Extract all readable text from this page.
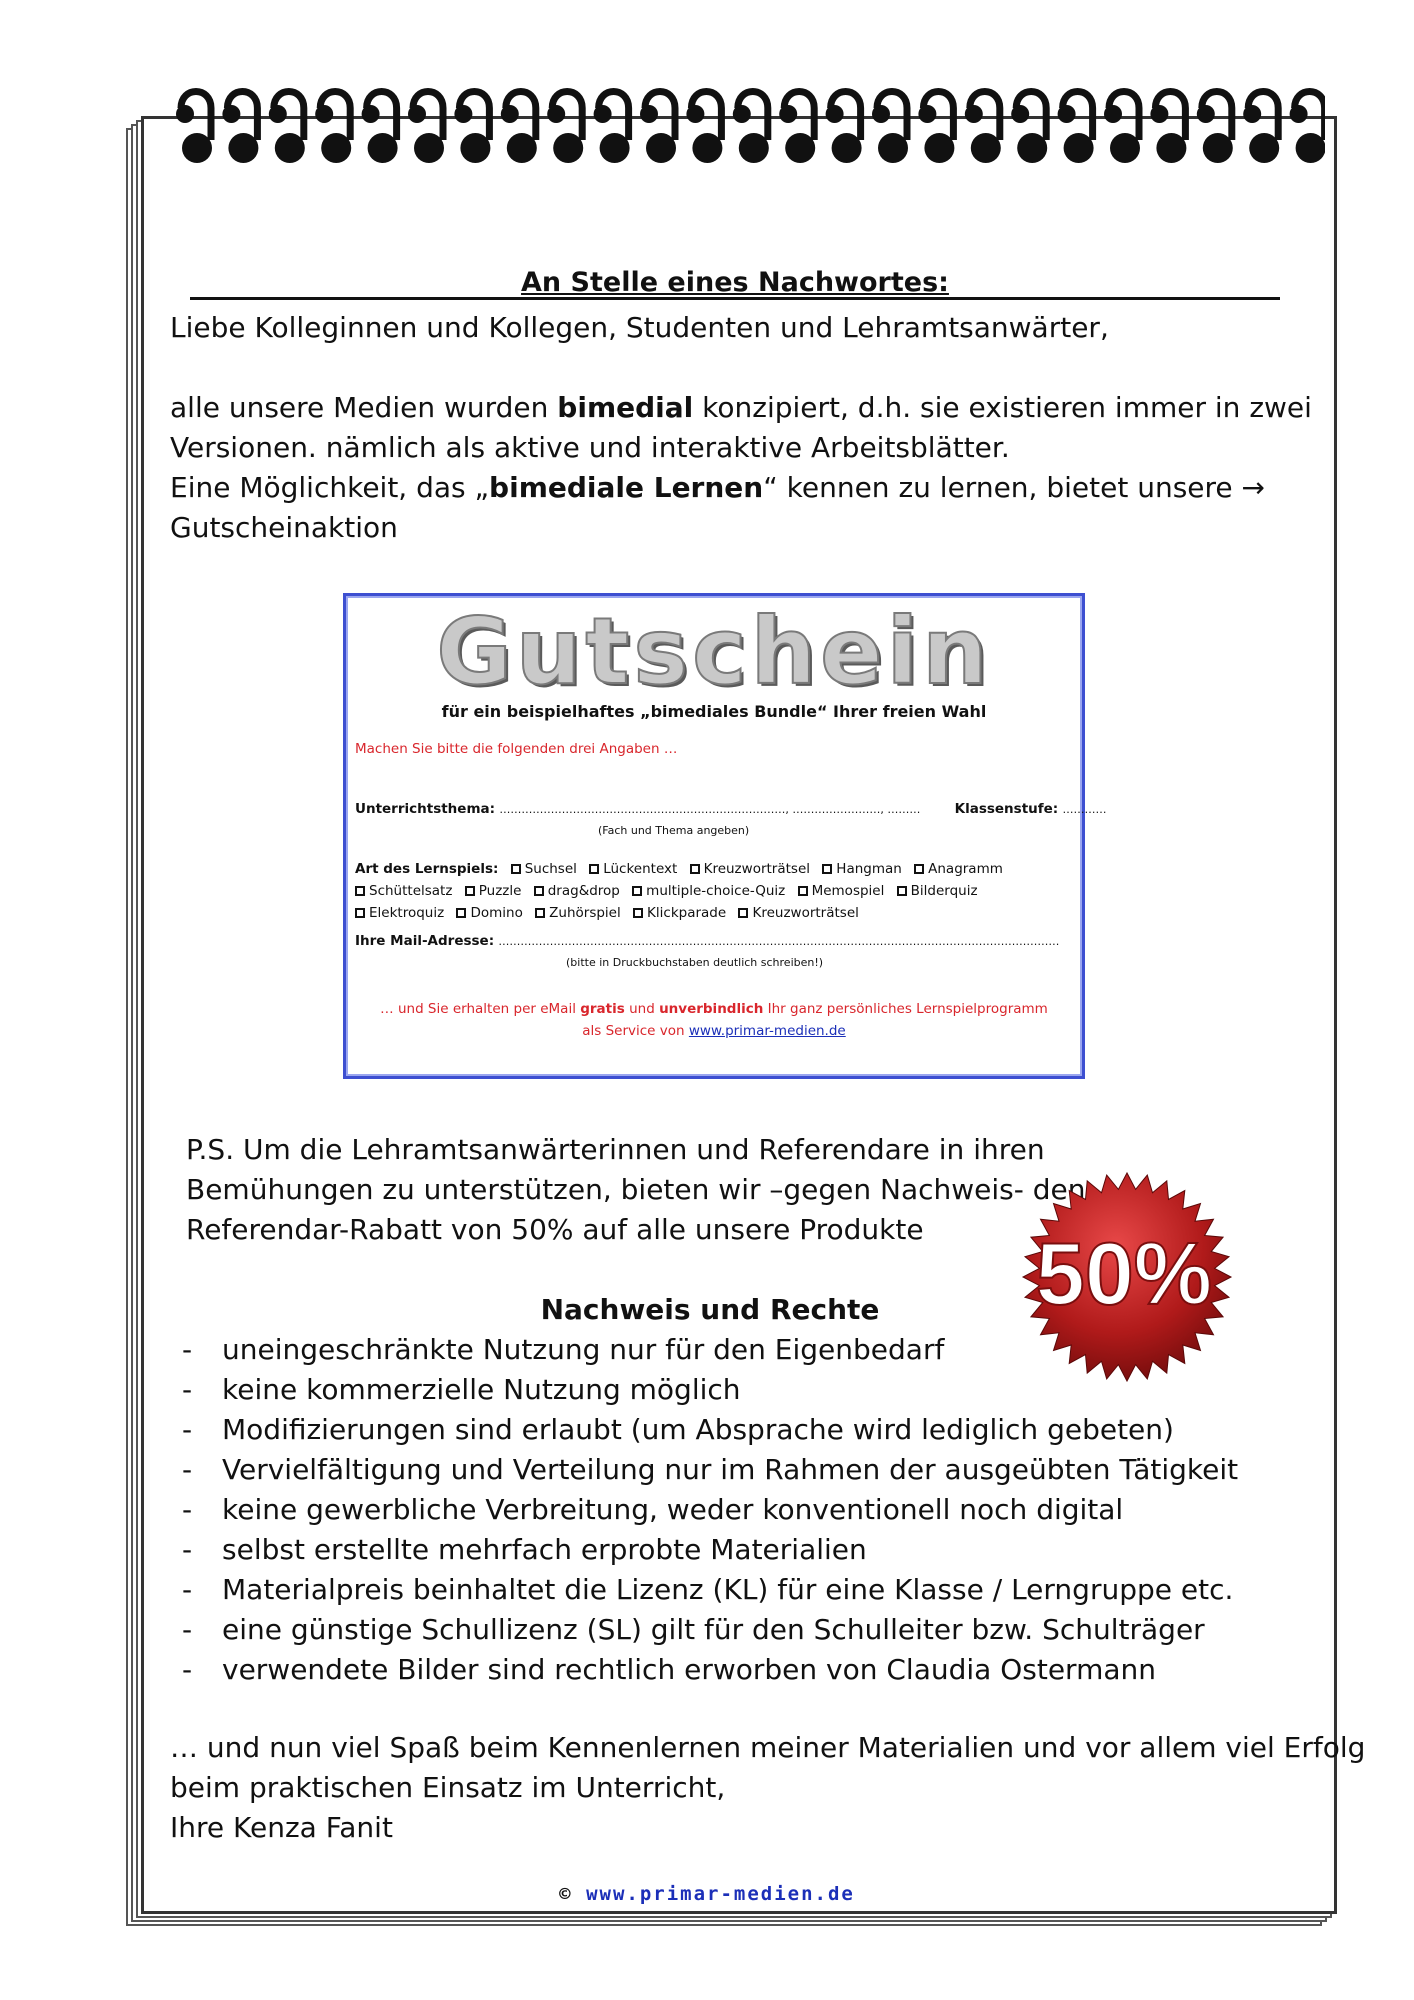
An Stelle eines Nachwortes:
Liebe Kolleginnen und Kollegen, Studenten und Lehramtsanwärter,
alle unsere Medien wurden bimedial konzipiert, d.h. sie existieren immer in zwei
Versionen. nämlich als aktive und interaktive Arbeitsblätter.
Eine Möglichkeit, das „bimediale Lernen“ kennen zu lernen, bietet unsere →
Gutscheinaktion
Gutschein
für ein beispielhaftes „bimediales Bundle“ Ihrer freien Wahl
Machen Sie bitte die folgenden drei Angaben …
Unterrichtsthema: ……………………………………………………………………, ……………………, ………	Klassenstufe: …………
(Fach und Thema angeben)
Art des Lernspiels: Suchsel Lückentext Kreuzworträtsel Hangman Anagramm
Schüttelsatz Puzzle drag&drop multiple-choice-Quiz Memospiel Bilderquiz
Elektroquiz Domino Zuhörspiel Klickparade Kreuzworträtsel
Ihre Mail-Adresse: ………………………………………………………………………………………………………………………………………
(bitte in Druckbuchstaben deutlich schreiben!)
… und Sie erhalten per eMail gratis und unverbindlich Ihr ganz persönliches Lernspielprogramm
als Service von www.primar-medien.de
P.S. Um die Lehramtsanwärterinnen und Referendare in ihren
Bemühungen zu unterstützen, bieten wir –gegen Nachweis- den
Referendar-Rabatt von 50% auf alle unsere Produkte	50%
Nachweis und Rechte
- uneingeschränkte Nutzung nur für den Eigenbedarf
- keine kommerzielle Nutzung möglich
- Modifizierungen sind erlaubt (um Absprache wird lediglich gebeten)
- Vervielfältigung und Verteilung nur im Rahmen der ausgeübten Tätigkeit
- keine gewerbliche Verbreitung, weder konventionell noch digital
- selbst erstellte mehrfach erprobte Materialien
- Materialpreis beinhaltet die Lizenz (KL) für eine Klasse / Lerngruppe etc.
- eine günstige Schullizenz (SL) gilt für den Schulleiter bzw. Schulträger
- verwendete Bilder sind rechtlich erworben von Claudia Ostermann
… und nun viel Spaß beim Kennenlernen meiner Materialien und vor allem viel Erfolg
beim praktischen Einsatz im Unterricht,
Ihre Kenza Fanit
© www.primar-medien.de
